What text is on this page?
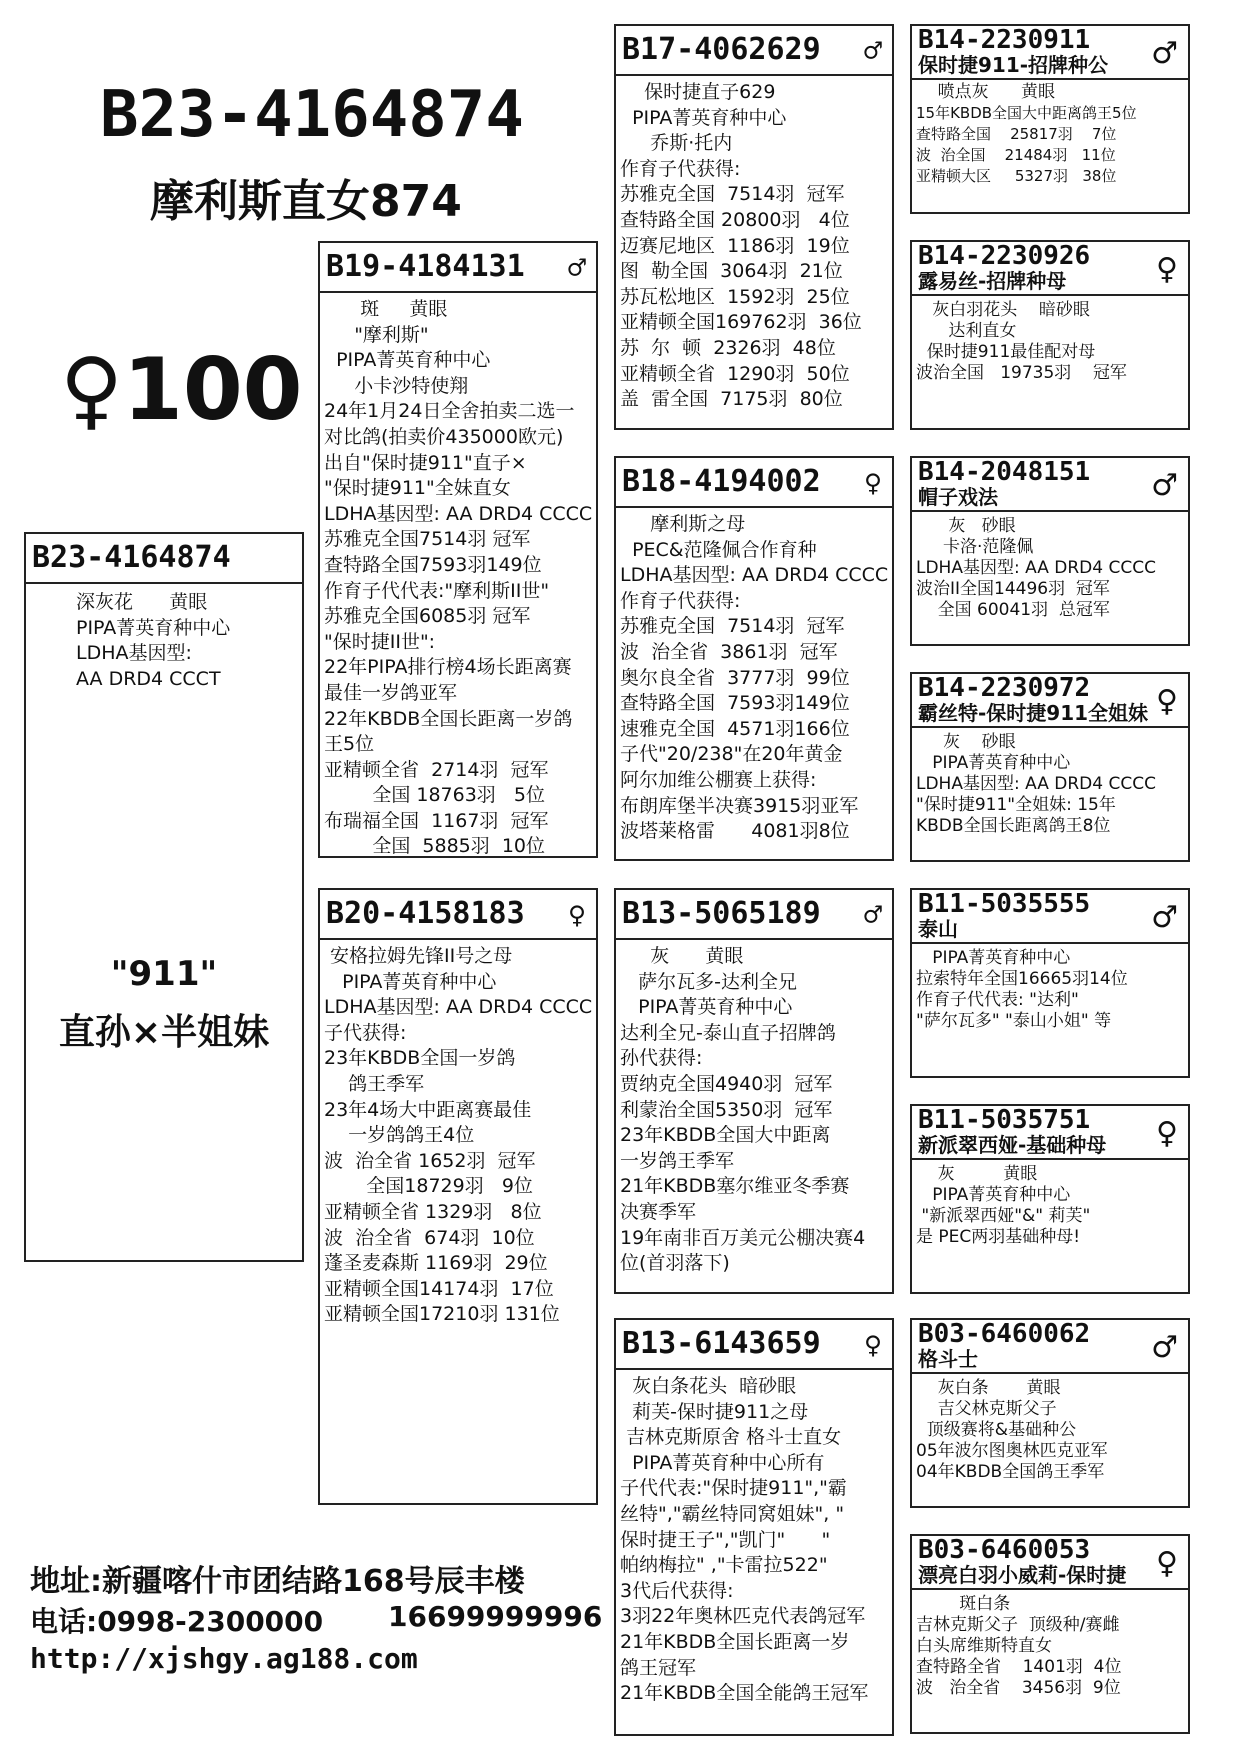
B23-4164874
摩利斯直女874
♀100
B23-4164874
深灰花      黄眼
PIPA菁英育种中心
LDHA基因型:
AA DRD4 CCCT
"911"
直孙×半姐妹
B19-4184131 ♂
斑     黄眼
"摩利斯"
PIPA菁英育种中心
小卡沙特使翔
24年1月24日全舍拍卖二选一
对比鸽(拍卖价435000欧元)
出自"保时捷911"直子×
"保时捷911"全妹直女
LDHA基因型: AA DRD4 CCCC
苏雅克全国7514羽 冠军
查特路全国7593羽149位
作育子代代表:"摩利斯II世"
苏雅克全国6085羽 冠军
"保时捷II世":
22年PIPA排行榜4场长距离赛
最佳一岁鸽亚军
22年KBDB全国长距离一岁鸽
王5位
亚精顿全省  2714羽  冠军
全国 18763羽   5位
布瑞福全国  1167羽  冠军
全国  5885羽  10位
B20-4158183 ♀
安格拉姆先锋II号之母
PIPA菁英育种中心
LDHA基因型: AA DRD4 CCCC
子代获得:
23年KBDB全国一岁鸽
鸽王季军
23年4场大中距离赛最佳
一岁鸽鸽王4位
波  治全省 1652羽  冠军
全国18729羽   9位
亚精顿全省 1329羽   8位
波  治全省  674羽  10位
蓬圣麦森斯 1169羽  29位
亚精顿全国14174羽  17位
亚精顿全国17210羽 131位
B17-4062629 ♂
保时捷直子629
PIPA菁英育种中心
乔斯·托内
作育子代获得:
苏雅克全国  7514羽  冠军
查特路全国 20800羽   4位
迈赛尼地区  1186羽  19位
图  勒全国  3064羽  21位
苏瓦松地区  1592羽  25位
亚精顿全国169762羽  36位
苏  尔  顿  2326羽  48位
亚精顿全省  1290羽  50位
盖  雷全国  7175羽  80位
B18-4194002 ♀
摩利斯之母
PEC&范隆佩合作育种
LDHA基因型: AA DRD4 CCCC
作育子代获得:
苏雅克全国  7514羽  冠军
波  治全省  3861羽  冠军
奥尔良全省  3777羽  99位
查特路全国  7593羽149位
速雅克全国  4571羽166位
子代"20/238"在20年黄金
阿尔加维公棚赛上获得:
布朗库堡半决赛3915羽亚军
波塔莱格雷      4081羽8位
B13-5065189 ♂
灰      黄眼
萨尔瓦多-达利全兄
PIPA菁英育种中心
达利全兄-泰山直子招牌鸽
孙代获得:
贾纳克全国4940羽  冠军
利蒙治全国5350羽  冠军
23年KBDB全国大中距离
一岁鸽王季军
21年KBDB塞尔维亚冬季赛
决赛季军
19年南非百万美元公棚决赛4
位(首羽落下)
B13-6143659 ♀
灰白条花头  暗砂眼
莉芙-保时捷911之母
吉林克斯原舍 格斗士直女
PIPA菁英育种中心所有
子代代表:"保时捷911","霸
丝特","霸丝特同窝姐妹", "
保时捷王子","凯门"      "
帕纳梅拉" ,"卡雷拉522"
3代后代获得:
3羽22年奥林匹克代表鸽冠军
21年KBDB全国长距离一岁
鸽王冠军
21年KBDB全国全能鸽王冠军
B14-2230911
保时捷911-招牌种公	♂
喷点灰      黄眼
15年KBDB全国大中距离鸽王5位
查特路全国    25817羽    7位
波  治全国    21484羽   11位
亚精顿大区     5327羽   38位
B14-2230926
露易丝-招牌种母	♀
灰白羽花头    暗砂眼
达利直女
保时捷911最佳配对母
波治全国   19735羽    冠军
B14-2048151
帽子戏法	♂
灰   砂眼
卡洛·范隆佩
LDHA基因型: AA DRD4 CCCC
波治II全国14496羽  冠军
全国 60041羽  总冠军
B14-2230972
霸丝特-保时捷911全姐妹 ♀
灰    砂眼
PIPA菁英育种中心
LDHA基因型: AA DRD4 CCCC
"保时捷911"全姐妹: 15年
KBDB全国长距离鸽王8位
B11-5035555
泰山	♂
PIPA菁英育种中心
拉索特年全国16665羽14位
作育子代代表: "达利"
"萨尔瓦多" "泰山小姐" 等
B11-5035751
新派翠西娅-基础种母	♀
灰         黄眼
PIPA菁英育种中心
"新派翠西娅"&" 莉芙"
是 PEC两羽基础种母!
B03-6460062
格斗士	♂
灰白条       黄眼
吉父林克斯父子
顶级赛将&基础种公
05年波尔图奥林匹克亚军
04年KBDB全国鸽王季军
B03-6460053
漂亮白羽小威莉-保时捷 ♀
斑白条
吉林克斯父子  顶级种/赛雌
白头席维斯特直女
查特路全省    1401羽  4位
波   治全省    3456羽  9位
地址:新疆喀什市团结路168号辰丰楼
电话:0998-2300000 16699999996
http://xjshgy.ag188.com
